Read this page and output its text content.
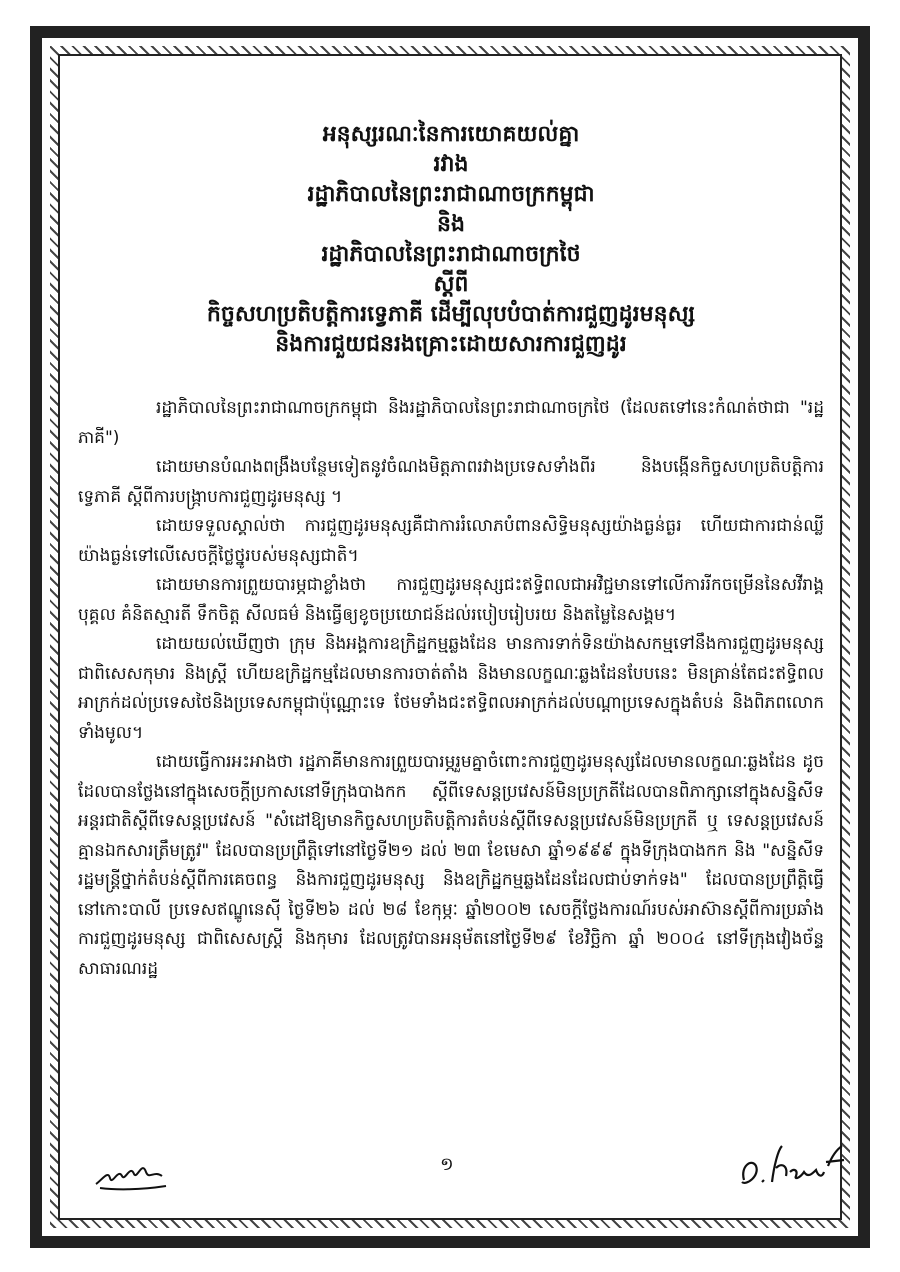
អនុស្សរណៈនៃការយោគយល់គ្នា
រវាង
រដ្ឋាភិបាលនៃព្រះរាជាណាចក្រកម្ពុជា
និង
រដ្ឋាភិបាលនៃព្រះរាជាណាចក្រថៃ
ស្ដីពី
កិច្ចសហប្រតិបត្តិការទ្វេភាគី ដើម្បីលុបបំបាត់ការជួញដូរមនុស្ស
និងការជួយជនរងគ្រោះដោយសារការជួញដូរ

រដ្ឋាភិបាលនៃព្រះរាជាណាចក្រកម្ពុជា និងរដ្ឋាភិបាលនៃព្រះរាជាណាចក្រថៃ (ដែលតទៅនេះកំណត់ថាជា "រដ្ឋភាគី")

ដោយមានបំណងពង្រឹងបន្ថែមទៀតនូវចំណងមិត្តភាពរវាងប្រទេសទាំងពីរ និងបង្កើនកិច្ចសហប្រតិបត្តិការទ្វេភាគី ស្ដីពីការបង្ក្រាបការជួញដូរមនុស្ស ។

ដោយទទួលស្គាល់ថា ការជួញដូរមនុស្សគឺជាការរំលោភបំពានសិទ្ធិមនុស្សយ៉ាងធ្ងន់ធ្ងរ ហើយជាការជាន់ឈ្លីយ៉ាងធ្ងន់ទៅលើសេចក្ដីថ្លៃថ្នូរបស់មនុស្សជាតិ។

ដោយមានការព្រួយបារម្ភជាខ្លាំងថា ការជួញដូរមនុស្សជះឥទ្ធិពលជាអវិជ្ជមានទៅលើការរីកចម្រើននៃសវីរាង្គបុគ្គល គំនិតស្មារតី ទឹកចិត្ត សីលធម៌ និងធ្វើឲ្យខូចប្រយោជន៍ដល់របៀបរៀបរយ និងតម្លៃនៃសង្គម។

ដោយយល់ឃើញថា ក្រុម និងអង្គការឧក្រិដ្ឋកម្មឆ្លងដែន មានការទាក់ទិនយ៉ាងសកម្មទៅនឹងការជួញដូរមនុស្ស ជាពិសេសកុមារ និងស្ត្រី ហើយឧក្រិដ្ឋកម្មដែលមានការចាត់តាំង និងមានលក្ខណៈឆ្លងដែនបែបនេះ មិនគ្រាន់តែជះឥទ្ធិពលអាក្រក់ដល់ប្រទេសថៃនិងប្រទេសកម្ពុជាប៉ុណ្ណោះទេ ថែមទាំងជះឥទ្ធិពលអាក្រក់ដល់បណ្ដាប្រទេសក្នុងតំបន់ និងពិភពលោកទាំងមូល។

ដោយធ្វើការអះអាងថា រដ្ឋភាគីមានការព្រួយបារម្ភរួមគ្នាចំពោះការជួញដូរមនុស្សដែលមានលក្ខណៈឆ្លងដែន ដូចដែលបានថ្លែងនៅក្នុងសេចក្ដីប្រកាសនៅទីក្រុងបាងកក ស្ដីពីទេសន្តប្រវេសន៍មិនប្រក្រតីដែលបានពិភាក្សានៅក្នុងសន្និសីទអន្តរជាតិស្ដីពីទេសន្តប្រវេសន៍ "សំដៅឱ្យមានកិច្ចសហប្រតិបត្តិការតំបន់ស្ដីពីទេសន្តប្រវេសន៍មិនប្រក្រតី ឬ ទេសន្តប្រវេសន៍គ្មានឯកសារត្រឹមត្រូវ" ដែលបានប្រព្រឹត្តិទៅនៅថ្ងៃទី២១ ដល់ ២៣ ខែមេសា ឆ្នាំ១៩៩៩ ក្នុងទីក្រុងបាងកក និង "សន្និសីទរដ្ឋមន្ត្រីថ្នាក់តំបន់ស្ដីពីការគេចពន្ធ និងការជួញដូរមនុស្ស និងឧក្រិដ្ឋកម្មឆ្លងដែនដែលជាប់ទាក់ទង" ដែលបានប្រព្រឹត្តិធ្វើនៅកោះបាលី ប្រទេសឥណ្ឌូនេស៊ី ថ្ងៃទី២៦ ដល់ ២៨ ខែកុម្ភៈ ឆ្នាំ២០០២ សេចក្ដីថ្លែងការណ៍របស់អាស៊ានស្ដីពីការប្រឆាំងការជួញដូរមនុស្ស ជាពិសេសស្ត្រី និងកុមារ ដែលត្រូវបានអនុម័តនៅថ្ងៃទី២៩ ខែវិច្ឆិកា ឆ្នាំ ២០០៤ នៅទីក្រុងវៀងច័ន្ទ សាធារណរដ្ឋ

១
